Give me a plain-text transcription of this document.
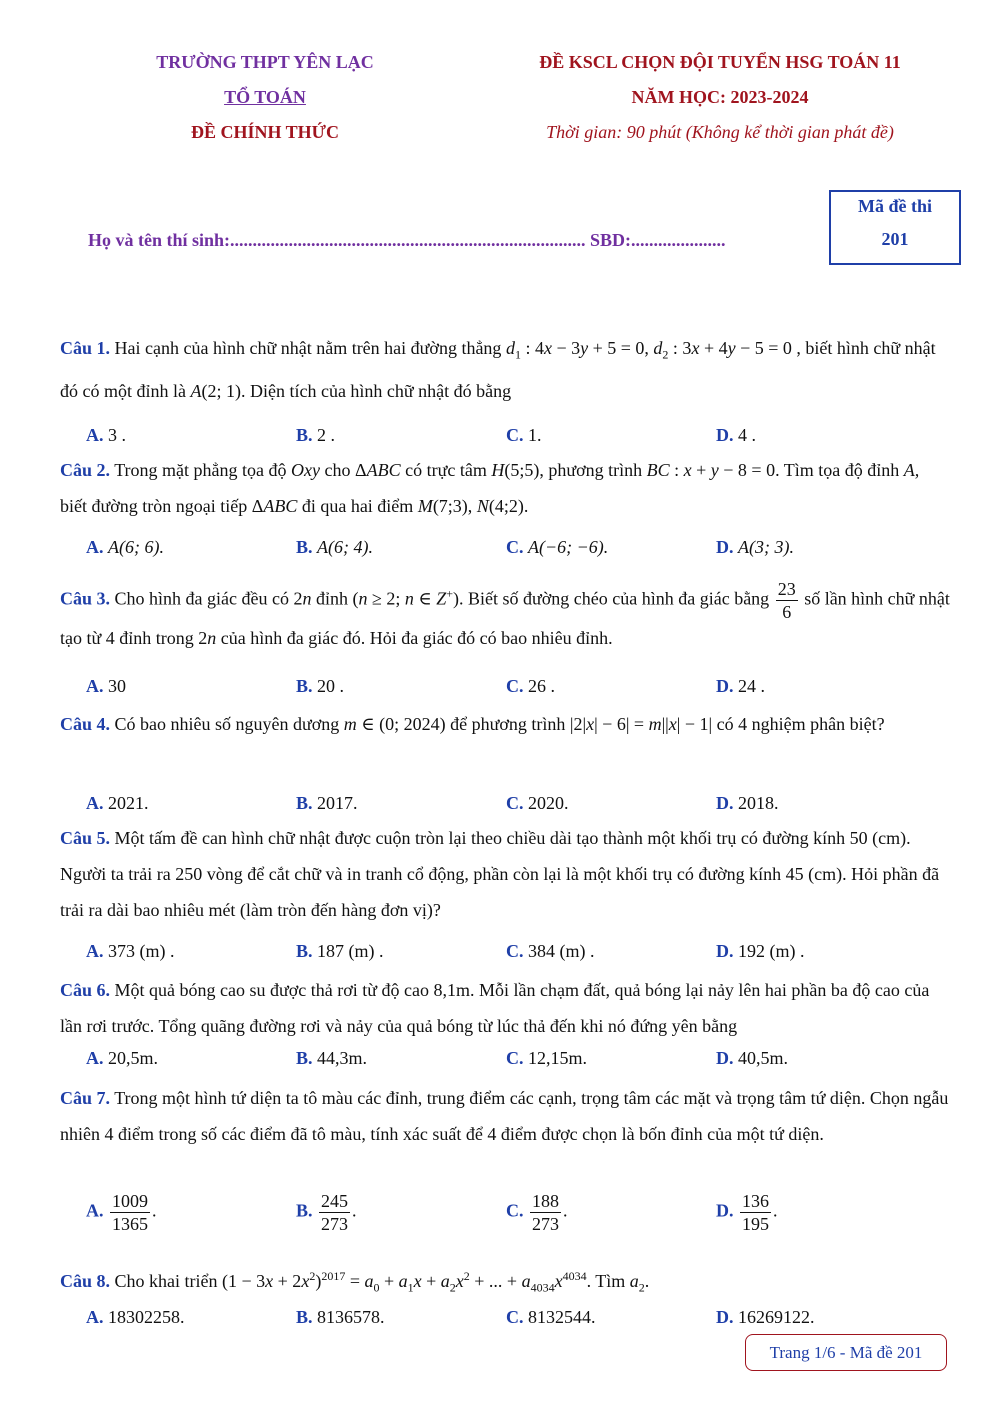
TRƯỜNG THPT YÊN LẠC
TỔ TOÁN
ĐỀ CHÍNH THỨC
ĐỀ KSCL CHỌN ĐỘI TUYỂN HSG TOÁN 11
NĂM HỌC: 2023-2024
Thời gian: 90 phút (Không kể thời gian phát đề)
Họ và tên thí sinh:............................................................................... SBD:.....................
Mã đề thi
201
Câu 1. Hai cạnh của hình chữ nhật nằm trên hai đường thẳng $d_1$ : 4x − 3y + 5 = 0, $d_2$ : 3x + 4y − 5 = 0 , biết hình chữ nhật đó có một đỉnh là A(2; 1). Diện tích của hình chữ nhật đó bằng
A. 3 .	B. 2 .	C. 1.	D. 4 .
Câu 2. Trong mặt phẳng tọa độ Oxy cho ΔABC có trực tâm H(5;5), phương trình BC : x + y − 8 = 0. Tìm tọa độ đỉnh A, biết đường tròn ngoại tiếp ΔABC đi qua hai điểm M(7;3), N(4;2).
A. A(6; 6).	B. A(6; 4).	C. A(−6; −6).	D. A(3; 3).
Câu 3. Cho hình đa giác đều có 2n đỉnh (n ≥ 2; n ∈ Z+). Biết số đường chéo của hình đa giác bằng $\frac{23}{6}$ số lần hình chữ nhật tạo từ 4 đỉnh trong 2n của hình đa giác đó. Hỏi đa giác đó có bao nhiêu đỉnh.
A. 30	B. 20 .	C. 26 .	D. 24 .
Câu 4. Có bao nhiêu số nguyên dương m ∈ (0; 2024) để phương trình |2|x| − 6| = m||x| − 1| có 4 nghiệm phân biệt?
A. 2021.	B. 2017.	C. 2020.	D. 2018.
Câu 5. Một tấm đề can hình chữ nhật được cuộn tròn lại theo chiều dài tạo thành một khối trụ có đường kính 50 (cm). Người ta trải ra 250 vòng để cắt chữ và in tranh cổ động, phần còn lại là một khối trụ có đường kính 45 (cm). Hỏi phần đã trải ra dài bao nhiêu mét (làm tròn đến hàng đơn vị)?
A. 373 (m) .	B. 187 (m) .	C. 384 (m) .	D. 192 (m) .
Câu 6. Một quả bóng cao su được thả rơi từ độ cao 8,1m. Mỗi lần chạm đất, quả bóng lại nảy lên hai phần ba độ cao của lần rơi trước. Tổng quãng đường rơi và nảy của quả bóng từ lúc thả đến khi nó đứng yên bằng
A. 20,5m.	B. 44,3m.	C. 12,15m.	D. 40,5m.
Câu 7. Trong một hình tứ diện ta tô màu các đỉnh, trung điểm các cạnh, trọng tâm các mặt và trọng tâm tứ diện. Chọn ngẫu nhiên 4 điểm trong số các điểm đã tô màu, tính xác suất để 4 điểm được chọn là bốn đỉnh của một tứ diện.
A. $\frac{1009}{1365}$ .	B. $\frac{245}{273}$ .	C. $\frac{188}{273}$ .	D. $\frac{136}{195}$ .
Câu 8. Cho khai triển $(1 - 3x + 2x^2)^{2017} = a_0 + a_1x + a_2x^2$ + ... + $a_{4034}x^{4034}$. Tìm $a_2$.
A. 18302258.	B. 8136578.	C. 8132544.	D. 16269122.
Trang 1/6 - Mã đề 201
